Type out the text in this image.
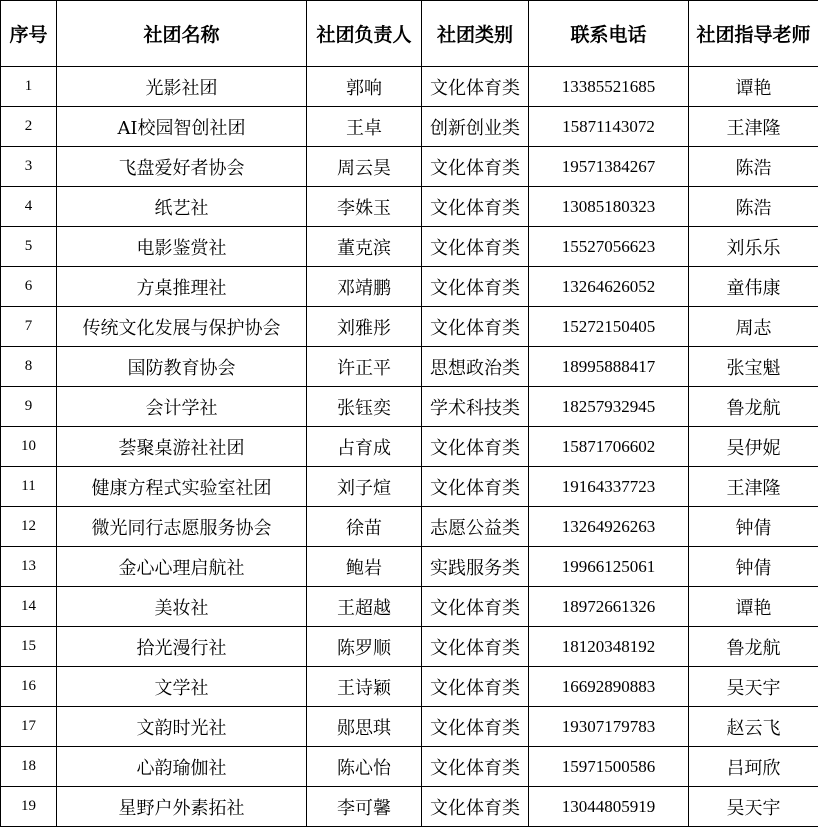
序号	社团名称	社团负责人	社团类别	联系电话	社团指导老师
1	光影社团	郭响	文化体育类	13385521685	谭艳
2	AI校园智创社团	王卓	创新创业类	15871143072	王津隆
3	飞盘爱好者协会	周云昊	文化体育类	19571384267	陈浩
4	纸艺社	李姝玉	文化体育类	13085180323	陈浩
5	电影鉴赏社	董克滨	文化体育类	15527056623	刘乐乐
6	方桌推理社	邓靖鹏	文化体育类	13264626052	童伟康
7	传统文化发展与保护协会	刘雅彤	文化体育类	15272150405	周志
8	国防教育协会	许正平	思想政治类	18995888417	张宝魁
9	会计学社	张钰奕	学术科技类	18257932945	鲁龙航
10	荟聚桌游社社团	占育成	文化体育类	15871706602	吴伊妮
11	健康方程式实验室社团	刘子煊	文化体育类	19164337723	王津隆
12	微光同行志愿服务协会	徐苗	志愿公益类	13264926263	钟倩
13	金心心理启航社	鲍岩	实践服务类	19966125061	钟倩
14	美妆社	王超越	文化体育类	18972661326	谭艳
15	拾光漫行社	陈罗顺	文化体育类	18120348192	鲁龙航
16	文学社	王诗颖	文化体育类	16692890883	吴天宇
17	文韵时光社	郧思琪	文化体育类	19307179783	赵云飞
18	心韵瑜伽社	陈心怡	文化体育类	15971500586	吕珂欣
19	星野户外素拓社	李可馨	文化体育类	13044805919	吴天宇
